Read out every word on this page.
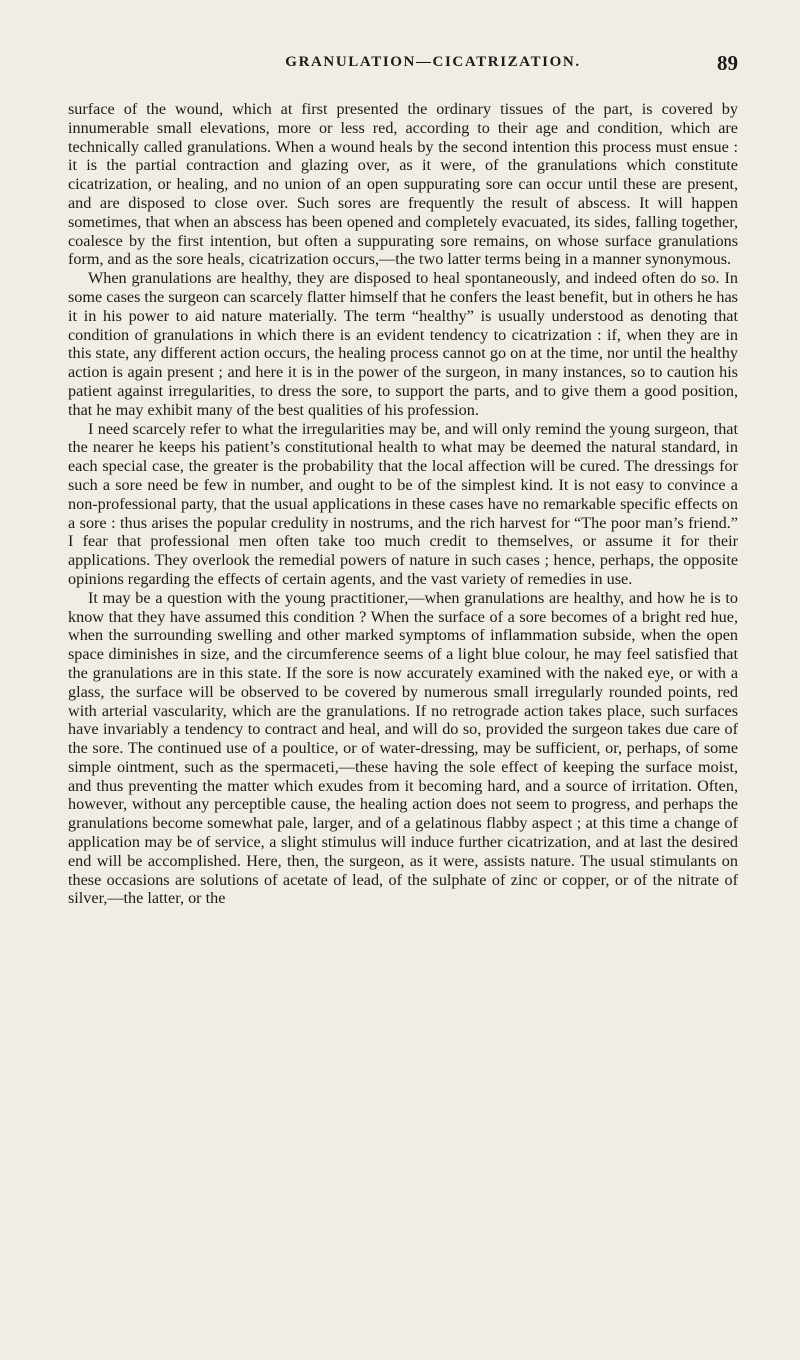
GRANULATION—CICATRIZATION.	89

surface of the wound, which at first presented the ordinary tissues of the part, is covered by innumerable small elevations, more or less red, according to their age and condition, which are technically called granulations. When a wound heals by the second intention this process must ensue : it is the partial contraction and glazing over, as it were, of the granulations which constitute cicatrization, or healing, and no union of an open suppurating sore can occur until these are present, and are disposed to close over. Such sores are frequently the result of abscess. It will happen sometimes, that when an abscess has been opened and completely evacuated, its sides, falling together, coalesce by the first intention, but often a suppurating sore remains, on whose surface granulations form, and as the sore heals, cicatrization occurs,—the two latter terms being in a manner synonymous.

When granulations are healthy, they are disposed to heal spontaneously, and indeed often do so. In some cases the surgeon can scarcely flatter himself that he confers the least benefit, but in others he has it in his power to aid nature materially. The term “healthy” is usually understood as denoting that condition of granulations in which there is an evident tendency to cicatrization : if, when they are in this state, any different action occurs, the healing process cannot go on at the time, nor until the healthy action is again present ; and here it is in the power of the surgeon, in many instances, so to caution his patient against irregularities, to dress the sore, to support the parts, and to give them a good position, that he may exhibit many of the best qualities of his profession.

I need scarcely refer to what the irregularities may be, and will only remind the young surgeon, that the nearer he keeps his patient’s constitutional health to what may be deemed the natural standard, in each special case, the greater is the probability that the local affection will be cured. The dressings for such a sore need be few in number, and ought to be of the simplest kind. It is not easy to convince a non-professional party, that the usual applications in these cases have no remarkable specific effects on a sore : thus arises the popular credulity in nostrums, and the rich harvest for “The poor man’s friend.” I fear that professional men often take too much credit to themselves, or assume it for their applications. They overlook the remedial powers of nature in such cases ; hence, perhaps, the opposite opinions regarding the effects of certain agents, and the vast variety of remedies in use.

It may be a question with the young practitioner,—when granulations are healthy, and how he is to know that they have assumed this condition ? When the surface of a sore becomes of a bright red hue, when the surrounding swelling and other marked symptoms of inflammation subside, when the open space diminishes in size, and the circumference seems of a light blue colour, he may feel satisfied that the granulations are in this state. If the sore is now accurately examined with the naked eye, or with a glass, the surface will be observed to be covered by numerous small irregularly rounded points, red with arterial vascularity, which are the granulations. If no retrograde action takes place, such surfaces have invariably a tendency to contract and heal, and will do so, provided the surgeon takes due care of the sore. The continued use of a poultice, or of water-dressing, may be sufficient, or, perhaps, of some simple ointment, such as the spermaceti,—these having the sole effect of keeping the surface moist, and thus preventing the matter which exudes from it becoming hard, and a source of irritation. Often, however, without any perceptible cause, the healing action does not seem to progress, and perhaps the granulations become somewhat pale, larger, and of a gelatinous flabby aspect ; at this time a change of application may be of service, a slight stimulus will induce further cicatrization, and at last the desired end will be accomplished. Here, then, the surgeon, as it were, assists nature. The usual stimulants on these occasions are solutions of acetate of lead, of the sulphate of zinc or copper, or of the nitrate of silver,—the latter, or the
